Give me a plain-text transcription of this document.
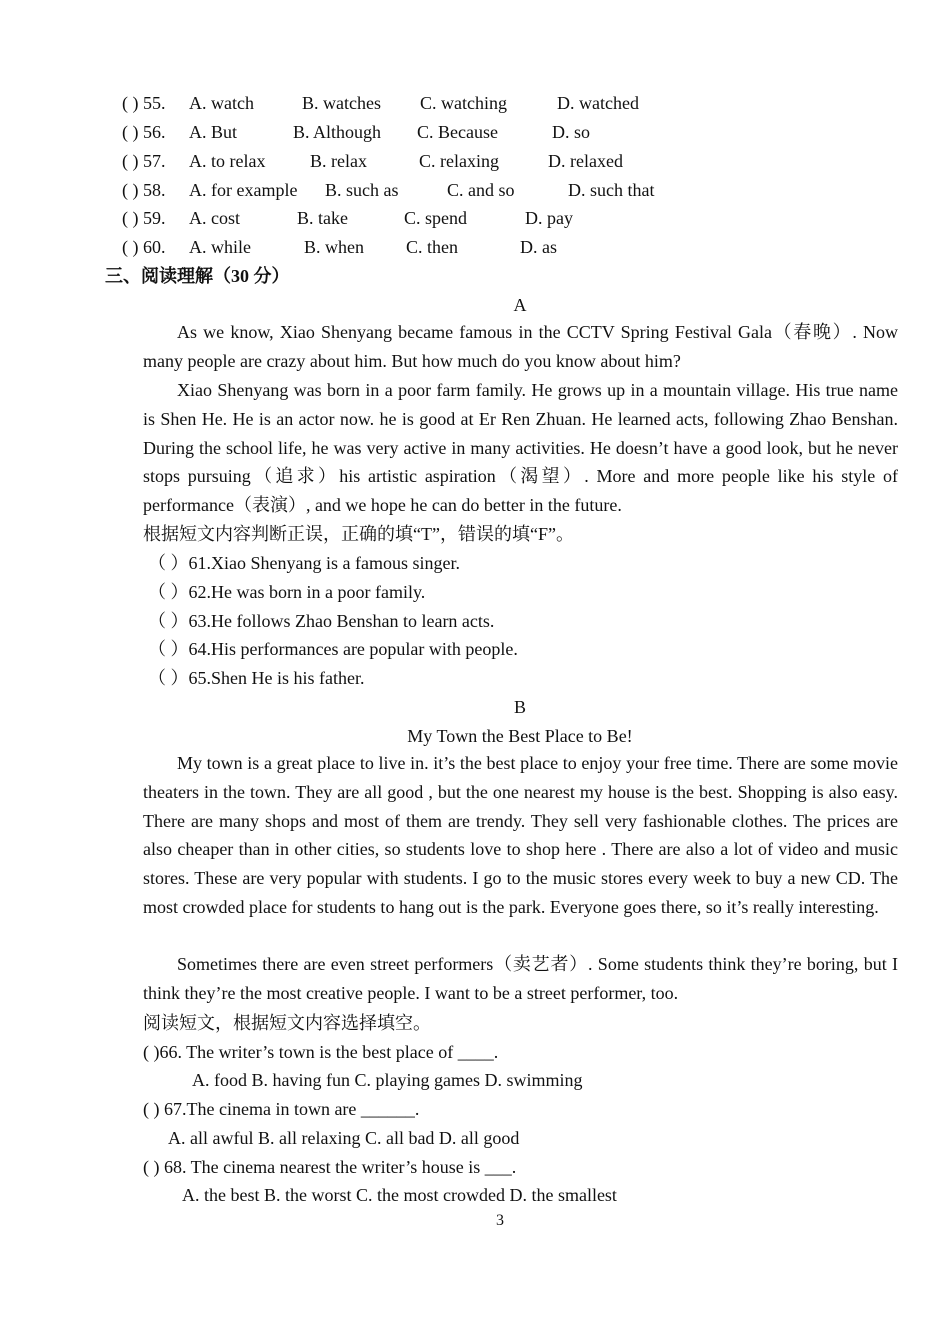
( ) 55. A. watch	B. watches C. watching	D. watched
( ) 56. A. But	B. Although C. Because	D. so
( ) 57. A. to relax B. relax	C. relaxing	D. relaxed
( ) 58. A. for example B. such as	C. and so	D. such that
( ) 59. A. cost	B. take	C. spend	D. pay
( ) 60. A. while	B. when C. then	D. as
三、阅读理解（30 分）
A
As we know, Xiao Shenyang became famous in the CCTV Spring Festival Gala（春晚）. Now many people are crazy about him. But how much do you know about him?
Xiao Shenyang was born in a poor farm family. He grows up in a mountain village. His true name is Shen He. He is an actor now. he is good at Er Ren Zhuan. He learned acts, following Zhao Benshan. During the school life, he was very active in many activities. He doesn’t have a good look, but he never stops pursuing（追求）his artistic aspiration（渴望）. More and more people like his style of performance（表演）, and we hope he can do better in the future.
根据短文内容判断正误，正确的填“T”，错误的填“F”。
（ ）61.Xiao Shenyang is a famous singer.
（ ）62.He was born in a poor family.
（ ）63.He follows Zhao Benshan to learn acts.
（ ）64.His performances are popular with people.
（ ）65.Shen He is his father.
B
My Town the Best Place to Be!
My town is a great place to live in. it’s the best place to enjoy your free time. There are some movie theaters in the town. They are all good , but the one nearest my house is the best. Shopping is also easy. There are many shops and most of them are trendy. They sell very fashionable clothes. The prices are also cheaper than in other cities, so students love to shop here . There are also a lot of video and music stores. These are very popular with students. I go to the music stores every week to buy a new CD. The most crowded place for students to hang out is the park. Everyone goes there, so it’s really interesting.
Sometimes there are even street performers（卖艺者）. Some students think they’re boring, but I think they’re the most creative people. I want to be a street performer, too.
阅读短文，根据短文内容选择填空。
( )66. The writer’s town is the best place of ____.
A. food B. having fun C. playing games D. swimming
( ) 67.The cinema in town are ______.
A. all awful B. all relaxing C. all bad D. all good
( ) 68. The cinema nearest the writer’s house is ___.
A. the best B. the worst C. the most crowded D. the smallest
3
